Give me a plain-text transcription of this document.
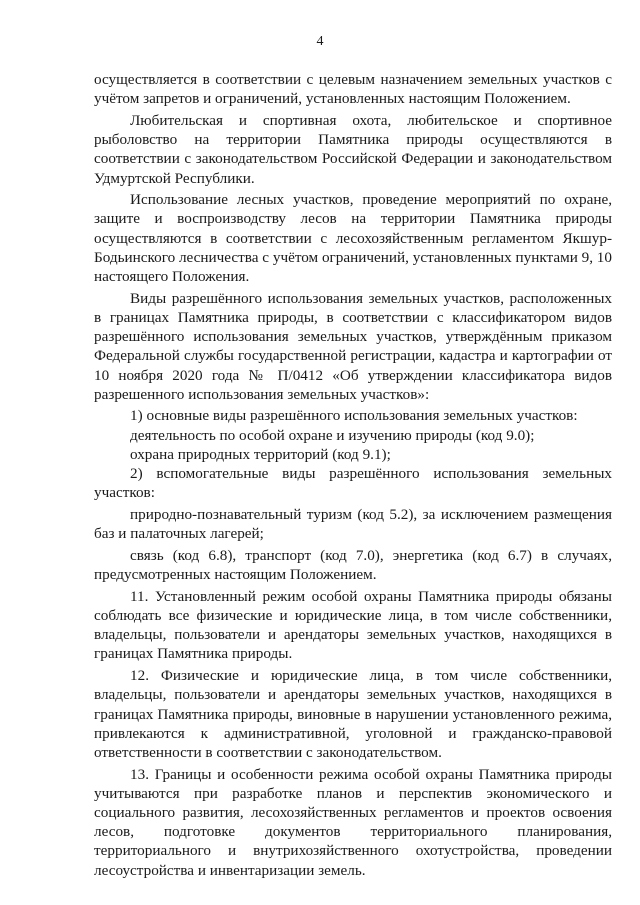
4

осуществляется в соответствии с целевым назначением земельных участков с учётом запретов и ограничений, установленных настоящим Положением.

Любительская и спортивная охота, любительское и спортивное рыболовство на территории Памятника природы осуществляются в соответствии с законодательством Российской Федерации и законодательством Удмуртской Республики.

Использование лесных участков, проведение мероприятий по охране, защите и воспроизводству лесов на территории Памятника природы осуществляются в соответствии с лесохозяйственным регламентом Якшур-Бодьинского лесничества с учётом ограничений, установленных пунктами 9, 10 настоящего Положения.

Виды разрешённого использования земельных участков, расположенных в границах Памятника природы, в соответствии с классификатором видов разрешённого использования земельных участков, утверждённым приказом Федеральной службы государственной регистрации, кадастра и картографии от 10 ноября 2020 года № П/0412 «Об утверждении классификатора видов разрешенного использования земельных участков»:

1) основные виды разрешённого использования земельных участков:

деятельность по особой охране и изучению природы (код 9.0);

охрана природных территорий (код 9.1);

2) вспомогательные виды разрешённого использования земельных участков:

природно-познавательный туризм (код 5.2), за исключением размещения баз и палаточных лагерей;

связь (код 6.8), транспорт (код 7.0), энергетика (код 6.7) в случаях, предусмотренных настоящим Положением.

11. Установленный режим особой охраны Памятника природы обязаны соблюдать все физические и юридические лица, в том числе собственники, владельцы, пользователи и арендаторы земельных участков, находящихся в границах Памятника природы.

12. Физические и юридические лица, в том числе собственники, владельцы, пользователи и арендаторы земельных участков, находящихся в границах Памятника природы, виновные в нарушении установленного режима, привлекаются к административной, уголовной и гражданско-правовой ответственности в соответствии с законодательством.

13. Границы и особенности режима особой охраны Памятника природы учитываются при разработке планов и перспектив экономического и социального развития, лесохозяйственных регламентов и проектов освоения лесов, подготовке документов территориального планирования, территориального и внутрихозяйственного охотустройства, проведении лесоустройства и инвентаризации земель.
